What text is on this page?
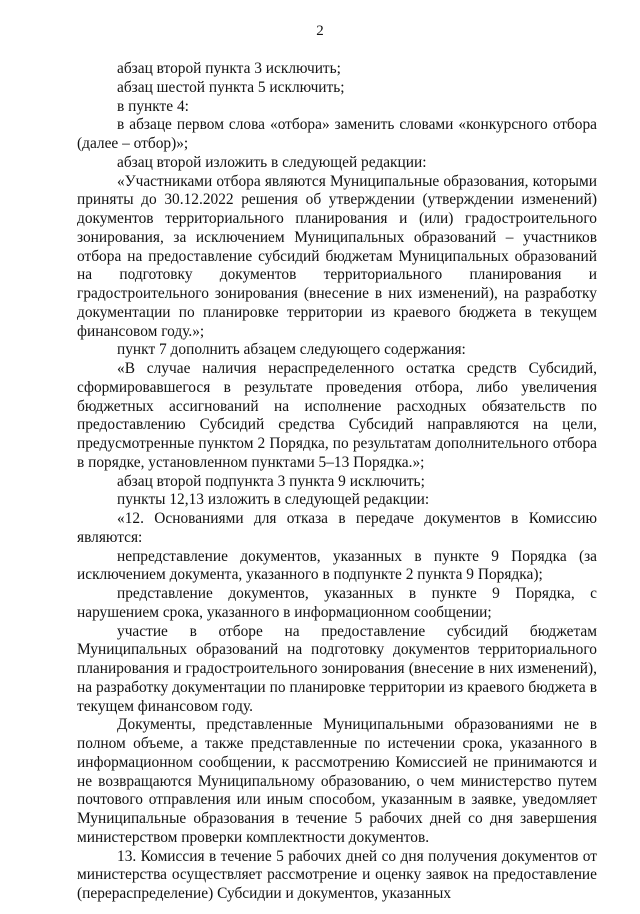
2

абзац второй пункта 3 исключить;

абзац шестой пункта 5 исключить;

в пункте 4:

в абзаце первом слова «отбора» заменить словами «конкурсного отбора (далее – отбор)»;

абзац второй изложить в следующей редакции:

«Участниками отбора являются Муниципальные образования, которыми приняты до 30.12.2022 решения об утверждении (утверждении изменений) документов территориального планирования и (или) градостроительного зонирования, за исключением Муниципальных образований – участников отбора на предоставление субсидий бюджетам Муниципальных образований на подготовку документов территориального планирования и градостроительного зонирования (внесение в них изменений), на разработку документации по планировке территории из краевого бюджета в текущем финансовом году.»;

пункт 7 дополнить абзацем следующего содержания:

«В случае наличия нераспределенного остатка средств Субсидий, сформировавшегося в результате проведения отбора, либо увеличения бюджетных ассигнований на исполнение расходных обязательств по предоставлению Субсидий средства Субсидий направляются на цели, предусмотренные пунктом 2 Порядка, по результатам дополнительного отбора в порядке, установленном пунктами 5–13 Порядка.»;

абзац второй подпункта 3 пункта 9 исключить;

пункты 12,13 изложить в следующей редакции:

«12. Основаниями для отказа в передаче документов в Комиссию являются:

непредставление документов, указанных в пункте 9 Порядка (за исключением документа, указанного в подпункте 2 пункта 9 Порядка);

представление документов, указанных в пункте 9 Порядка, с нарушением срока, указанного в информационном сообщении;

участие в отборе на предоставление субсидий бюджетам Муниципальных образований на подготовку документов территориального планирования и градостроительного зонирования (внесение в них изменений), на разработку документации по планировке территории из краевого бюджета в текущем финансовом году.

Документы, представленные Муниципальными образованиями не в полном объеме, а также представленные по истечении срока, указанного в информационном сообщении, к рассмотрению Комиссией не принимаются и не возвращаются Муниципальному образованию, о чем министерство путем почтового отправления или иным способом, указанным в заявке, уведомляет Муниципальные образования в течение 5 рабочих дней со дня завершения министерством проверки комплектности документов.

13. Комиссия в течение 5 рабочих дней со дня получения документов от министерства осуществляет рассмотрение и оценку заявок на предоставление (перераспределение) Субсидии и документов, указанных
